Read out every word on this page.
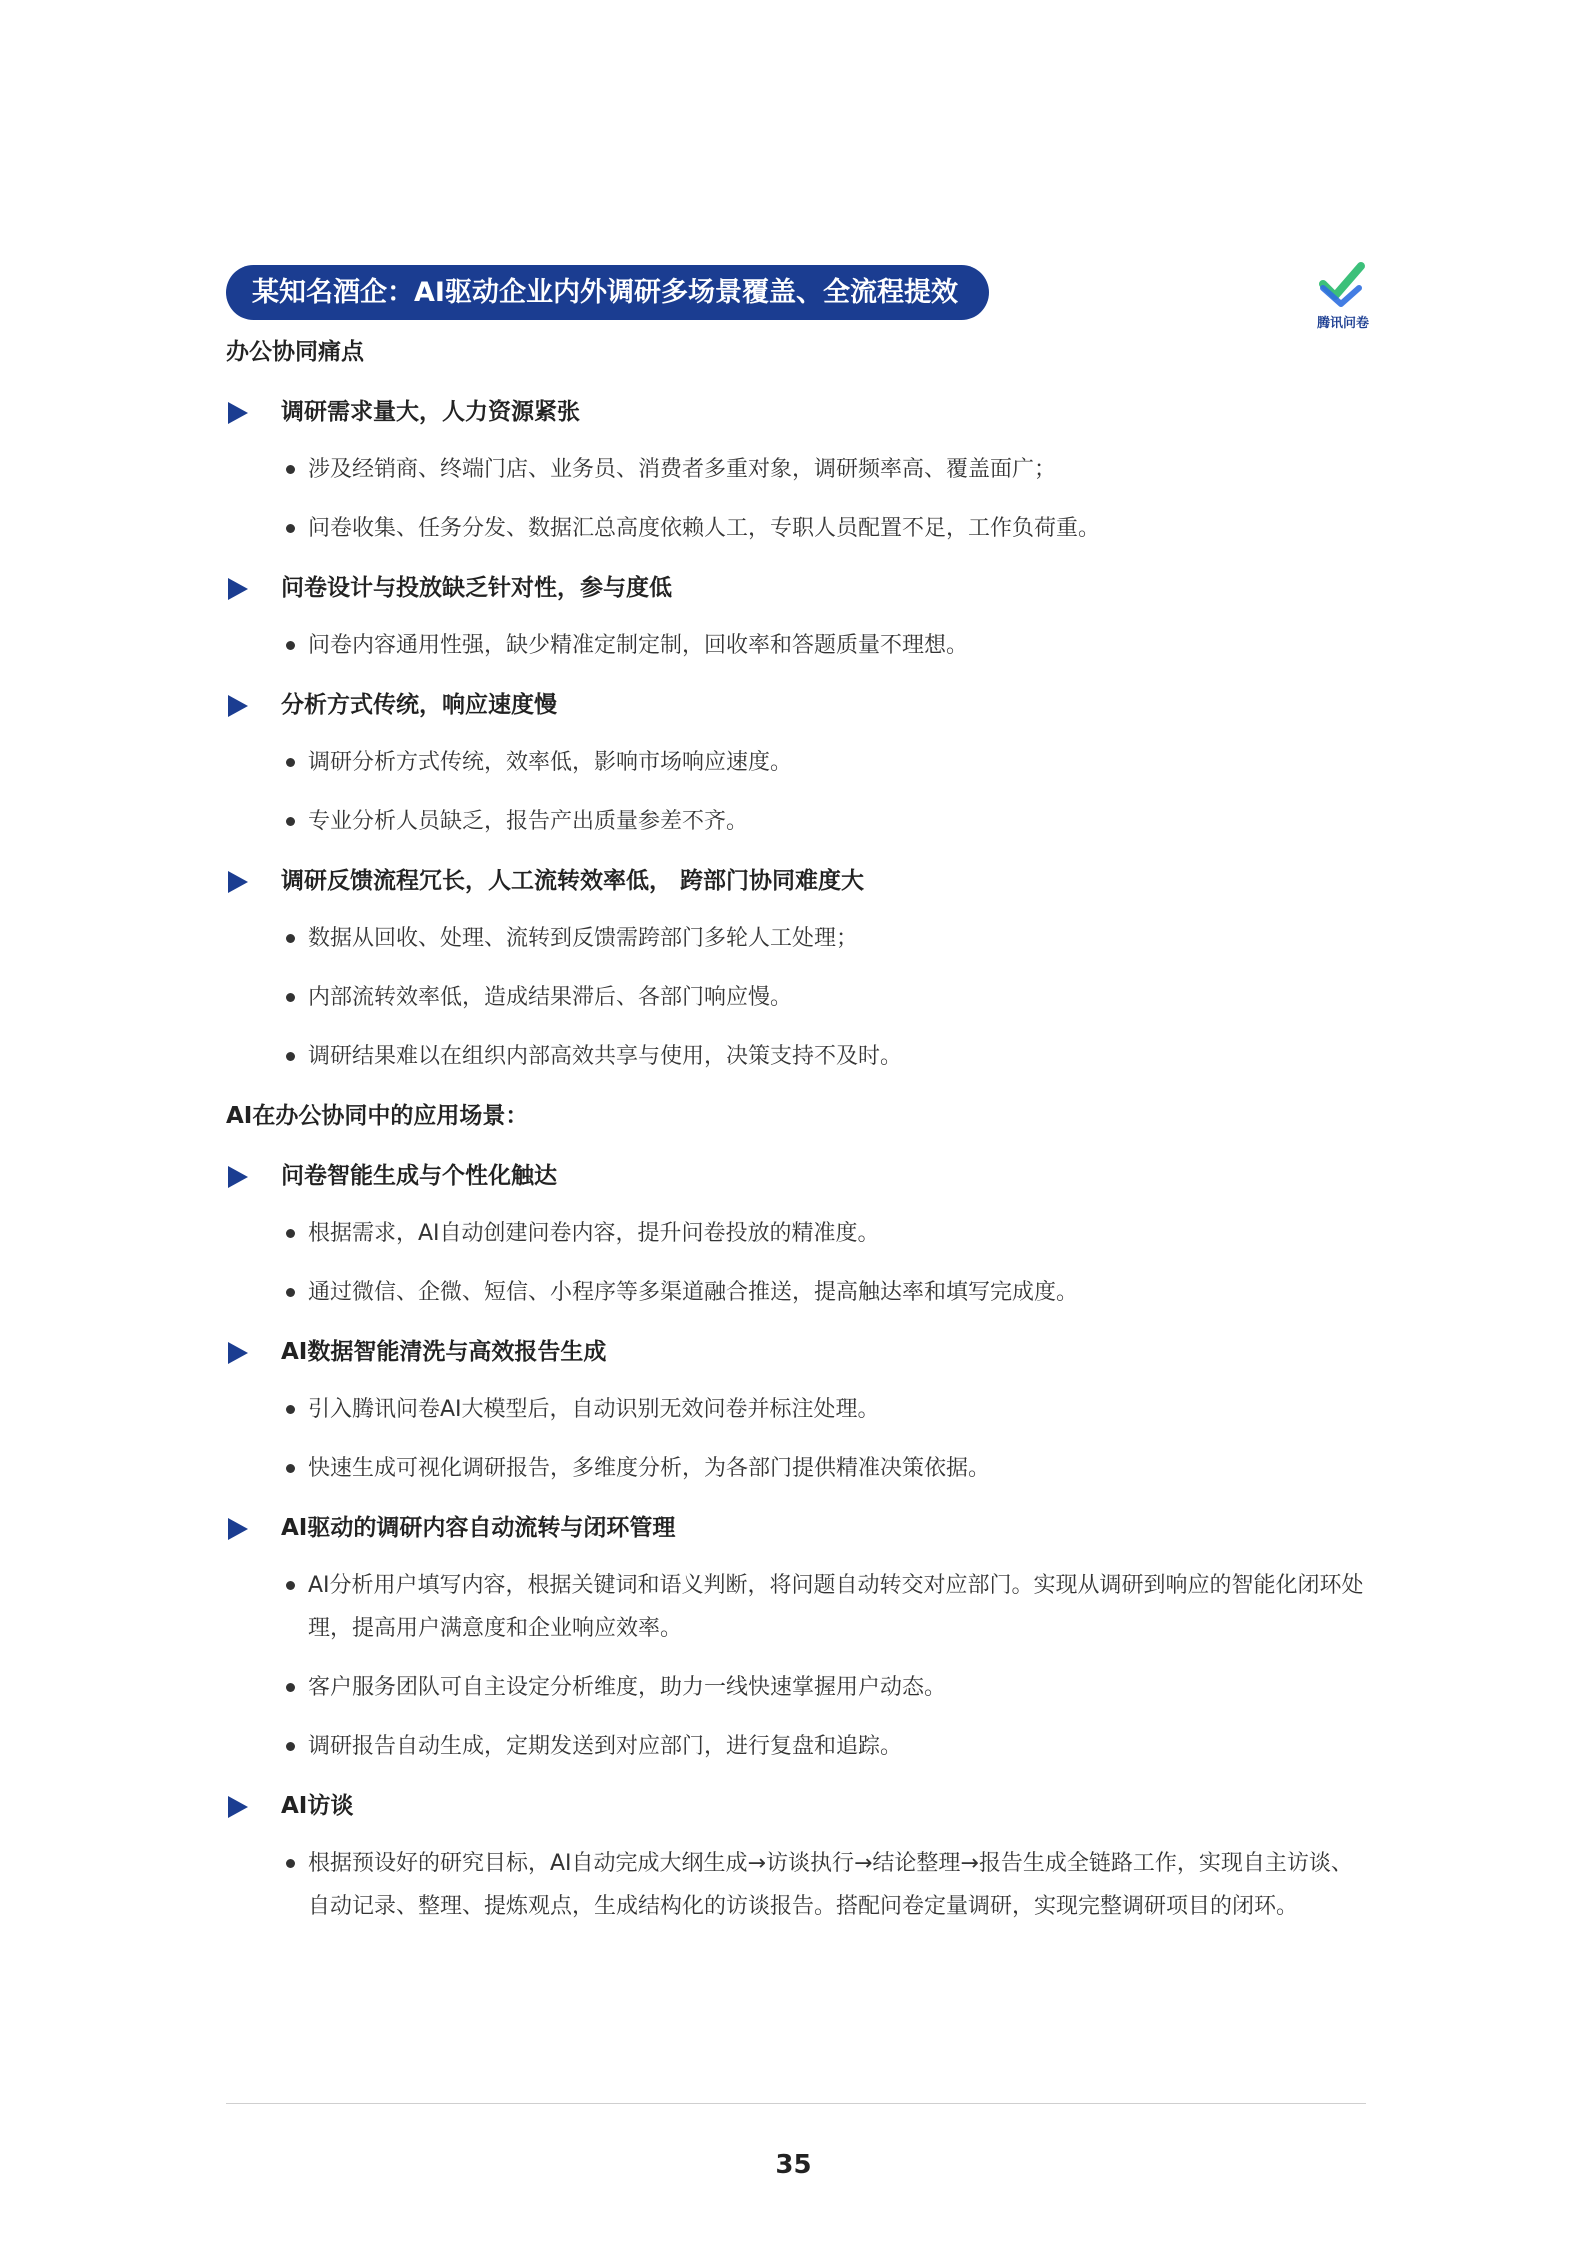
某知名酒企：AI驱动企业内外调研多场景覆盖、全流程提效
腾讯问卷
办公协同痛点
调研需求量大，人力资源紧张
涉及经销商、终端门店、业务员、消费者多重对象，调研频率高、覆盖面广；
问卷收集、任务分发、数据汇总高度依赖人工，专职人员配置不足，工作负荷重。
问卷设计与投放缺乏针对性，参与度低
问卷内容通用性强，缺少精准定制定制，回收率和答题质量不理想。
分析方式传统，响应速度慢
调研分析方式传统，效率低，影响市场响应速度。
专业分析人员缺乏，报告产出质量参差不齐。
调研反馈流程冗长，人工流转效率低， 跨部门协同难度大
数据从回收、处理、流转到反馈需跨部门多轮人工处理；
内部流转效率低，造成结果滞后、各部门响应慢。
调研结果难以在组织内部高效共享与使用，决策支持不及时。
AI在办公协同中的应用场景：
问卷智能生成与个性化触达
根据需求，AI自动创建问卷内容，提升问卷投放的精准度。
通过微信、企微、短信、小程序等多渠道融合推送，提高触达率和填写完成度。
AI数据智能清洗与高效报告生成
引入腾讯问卷AI大模型后，自动识别无效问卷并标注处理。
快速生成可视化调研报告，多维度分析，为各部门提供精准决策依据。
AI驱动的调研内容自动流转与闭环管理
AI分析用户填写内容，根据关键词和语义判断，将问题自动转交对应部门。实现从调研到响应的智能化闭环处理，提高用户满意度和企业响应效率。
客户服务团队可自主设定分析维度，助力一线快速掌握用户动态。
调研报告自动生成，定期发送到对应部门，进行复盘和追踪。
AI访谈
根据预设好的研究目标，AI自动完成大纲生成→访谈执行→结论整理→报告生成全链路工作，实现自主访谈、自动记录、整理、提炼观点，生成结构化的访谈报告。搭配问卷定量调研，实现完整调研项目的闭环。
35
